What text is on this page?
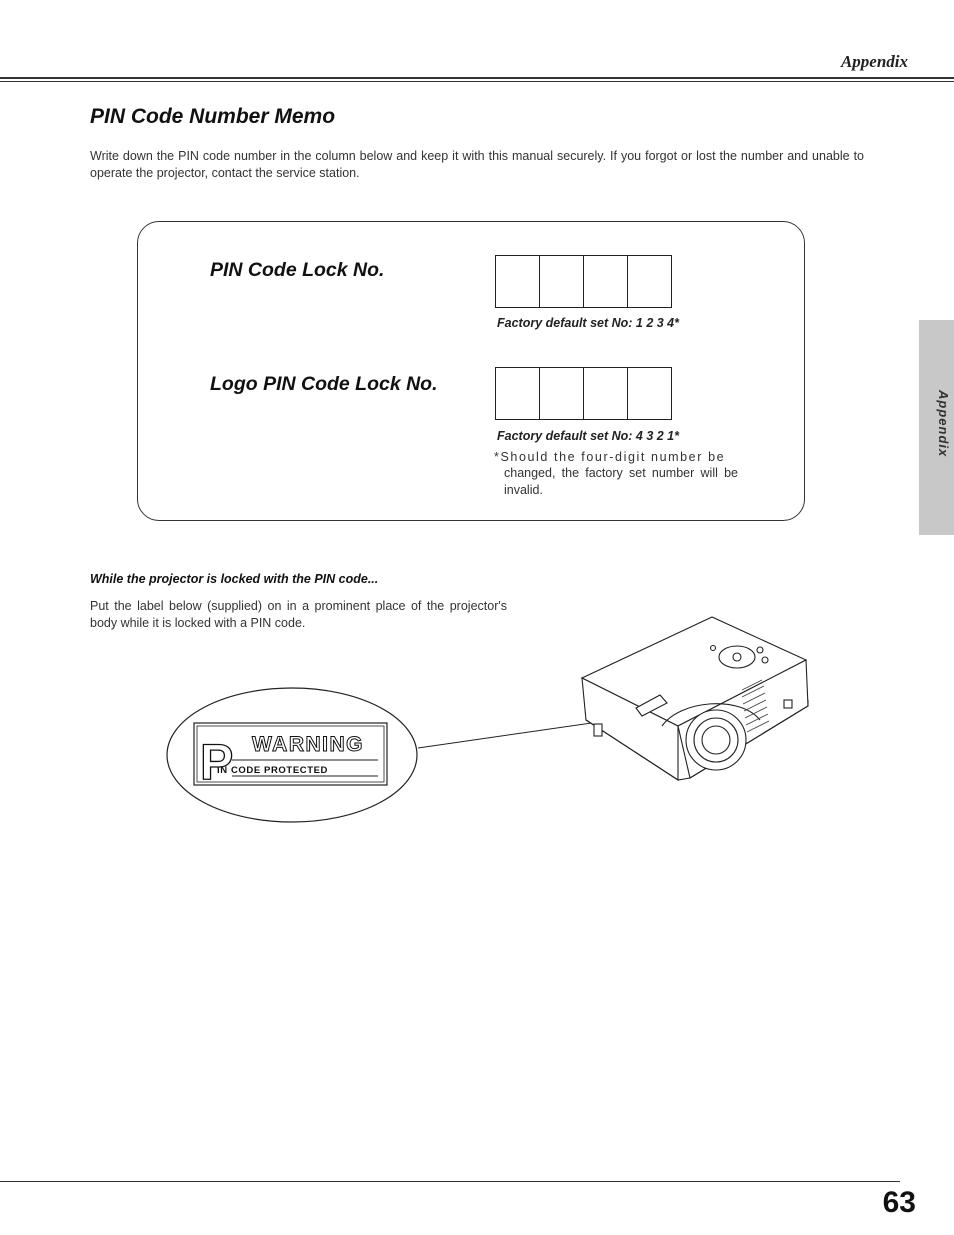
Appendix
Appendix
PIN Code Number Memo
Write down the PIN code number in the column below and keep it with this manual securely. If you forgot or lost the number and unable to operate the projector, contact the service station.
PIN Code Lock No.
Factory default set No: 1 2 3 4*
Logo PIN Code Lock No.
Factory default set No: 4 3 2 1*
*Should the four-digit number be
changed, the factory set number will be invalid.
While the projector is locked with the PIN code...
Put the label below (supplied) on in a prominent place of the projector's body while it is locked with a PIN code.
P WARNING
IN CODE PROTECTED
63
